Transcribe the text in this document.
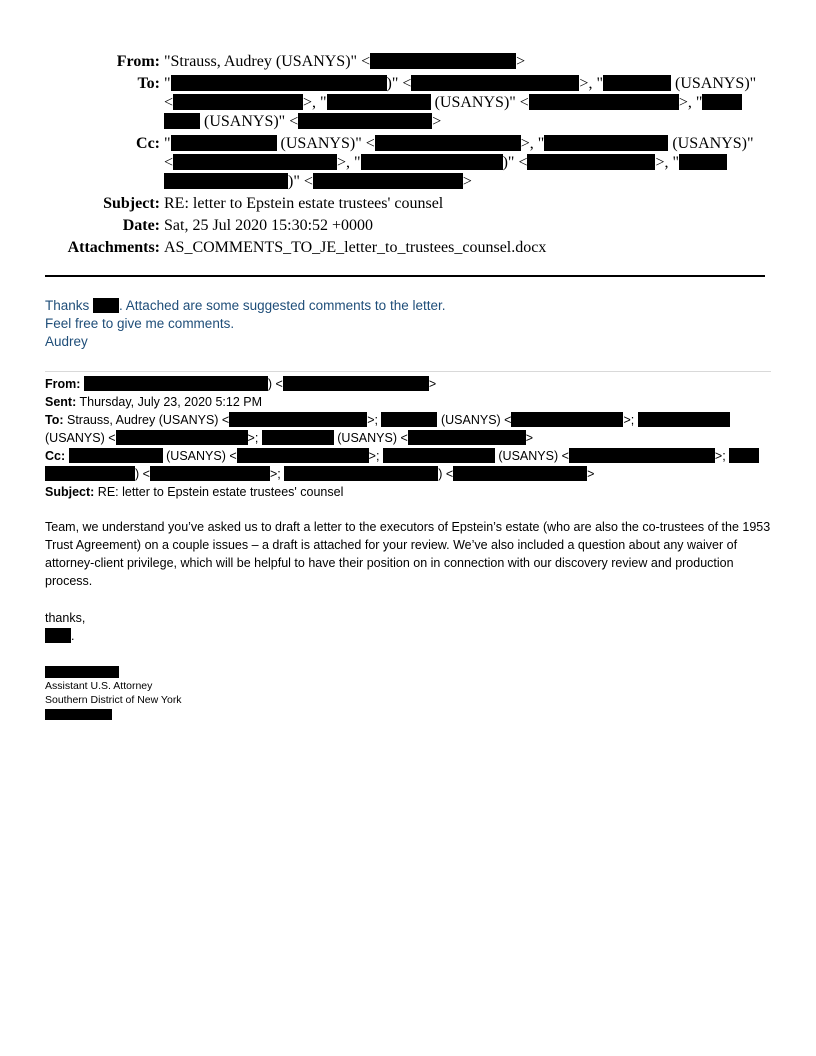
From: "Strauss, Audrey (USANYS)" <	>
To: "	)" <	>, "	(USANYS)"
<	>, "	(USANYS)" <	>, "
(USANYS)" <	>
Cc: "	(USANYS)" <	>, "	(USANYS)"
<	>, "	)" <	>, "
)" <	>
Subject: RE: letter to Epstein estate trustees' counsel
Date: Sat, 25 Jul 2020 15:30:52 +0000
Attachments: AS_COMMENTS_TO_JE_letter_to_trustees_counsel.docx
Thanks . Attached are some suggested comments to the letter.
Feel free to give me comments.
Audrey
From:	) <	>
Sent: Thursday, July 23, 2020 5:12 PM
To: Strauss, Audrey (USANYS) <	>;	(USANYS) <	>;
(USANYS) <	>;	(USANYS) <	>
Cc:	(USANYS) <	>;	(USANYS) <	>;
) <	>;	) <	>
Subject: RE: letter to Epstein estate trustees' counsel

Team, we understand you’ve asked us to draft a letter to the executors of Epstein’s estate (who are also the co-trustees of the 1953 Trust Agreement) on a couple issues – a draft is attached for your review. We’ve also included a question about any waiver of attorney-client privilege, which will be helpful to have their position on in connection with our discovery review and production process.

thanks,
.
Assistant U.S. Attorney
Southern District of New York
